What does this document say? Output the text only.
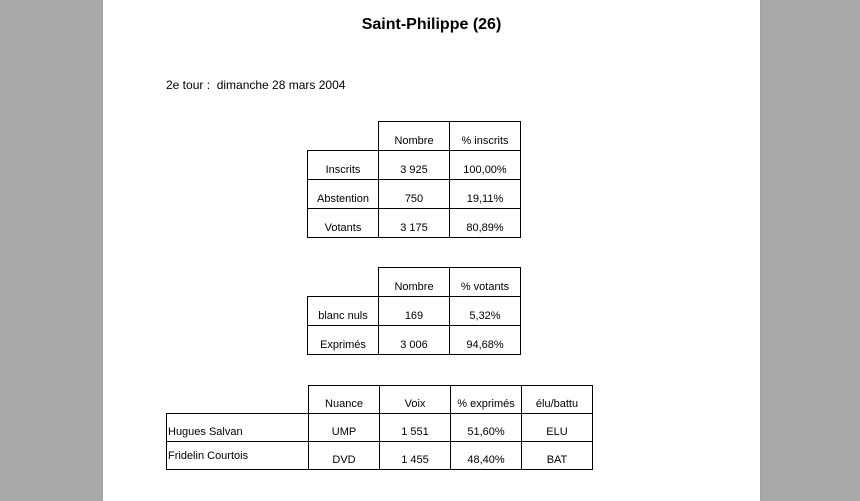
Saint-Philippe (26)
2e tour :  dimanche 28 mars 2004
	Nombre	% inscrits
Inscrits	3 925	100,00%
Abstention	750	19,11%
Votants	3 175	80,89%
	Nombre	% votants
blanc nuls	169	5,32%
Exprimés	3 006	94,68%
	Nuance	Voix	% exprimés	élu/battu
Hugues Salvan	UMP	1 551	51,60%	ELU
Fridelin Courtois	DVD	1 455	48,40%	BAT
